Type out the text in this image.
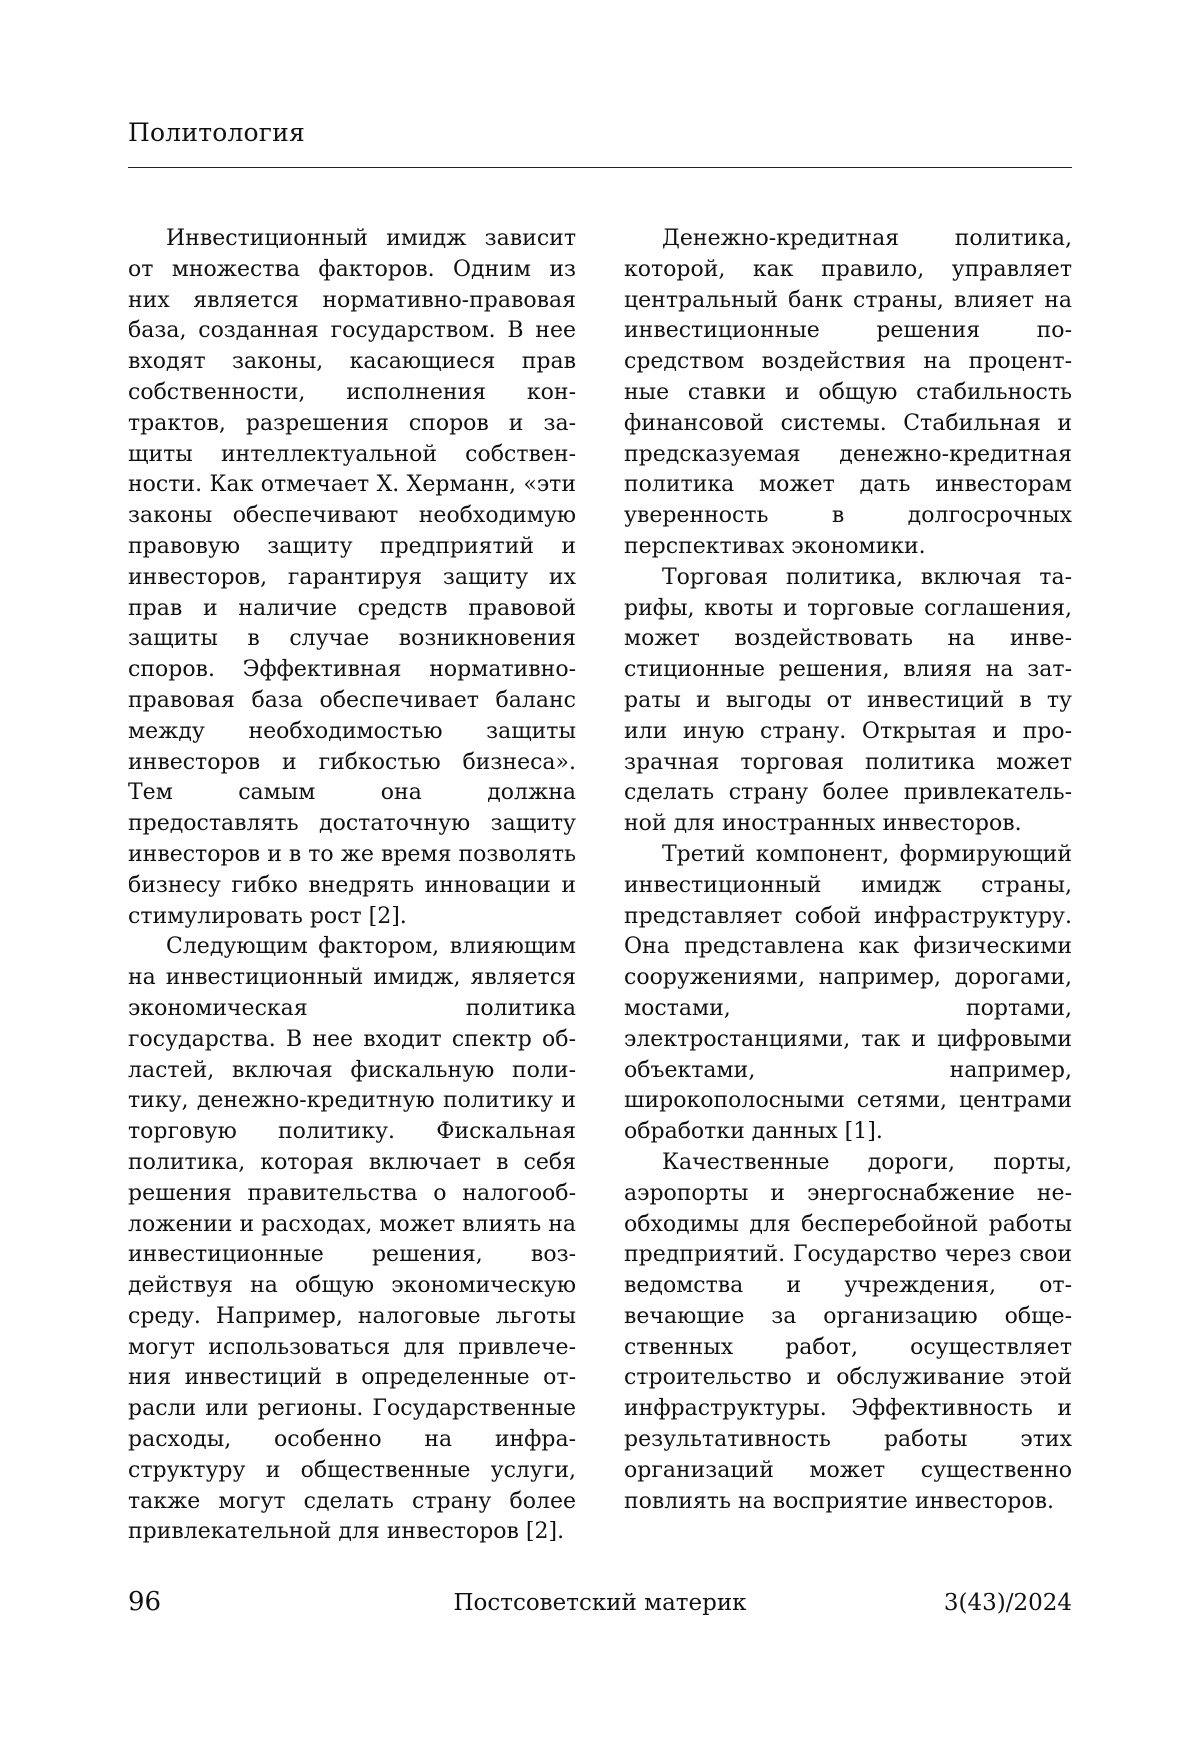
Политология

Инвестиционный имидж зависит от множества факторов. Одним из них является нормативно-правовая база, созданная государством. В нее входят законы, касающиеся прав собственности, исполнения контрактов, разрешения споров и защиты интеллектуальной собственности. Как отмечает Х. Херманн, «эти законы обеспечивают необходимую правовую защиту предприятий и инвесторов, гарантируя защиту их прав и наличие средств правовой защиты в случае возникновения споров. Эффективная нормативно-правовая база обеспечивает баланс между необходимостью защиты инвесторов и гибкостью бизнеса». Тем самым она должна предоставлять достаточную защиту инвесторов и в то же время позволять бизнесу гибко внедрять инновации и стимулировать рост [2].

Следующим фактором, влияющим на инвестиционный имидж, является экономическая политика государства. В нее входит спектр областей, включая фискальную политику, денежно-кредитную политику и торговую политику. Фискальная политика, которая включает в себя решения правительства о налогообложении и расходах, может влиять на инвестиционные решения, воздействуя на общую экономическую среду. Например, налоговые льготы могут использоваться для привлечения инвестиций в определенные отрасли или регионы. Государственные расходы, особенно на инфраструктуру и общественные услуги, также могут сделать страну более привлекательной для инвесторов [2].

Денежно-кредитная политика, которой, как правило, управляет центральный банк страны, влияет на инвестиционные решения посредством воздействия на процентные ставки и общую стабильность финансовой системы. Стабильная и предсказуемая денежно-кредитная политика может дать инвесторам уверенность в долгосрочных перспективах экономики.

Торговая политика, включая тарифы, квоты и торговые соглашения, может воздействовать на инвестиционные решения, влияя на затраты и выгоды от инвестиций в ту или иную страну. Открытая и прозрачная торговая политика может сделать страну более привлекательной для иностранных инвесторов.

Третий компонент, формирующий инвестиционный имидж страны, представляет собой инфраструктуру. Она представлена как физическими сооружениями, например, дорогами, мостами, портами, электростанциями, так и цифровыми объектами, например, широкополосными сетями, центрами обработки данных [1].

Качественные дороги, порты, аэропорты и энергоснабжение необходимы для бесперебойной работы предприятий. Государство через свои ведомства и учреждения, отвечающие за организацию общественных работ, осуществляет строительство и обслуживание этой инфраструктуры. Эффективность и результативность работы этих организаций может существенно повлиять на восприятие инвесторов.

96	Постсоветский материк	3(43)/2024
